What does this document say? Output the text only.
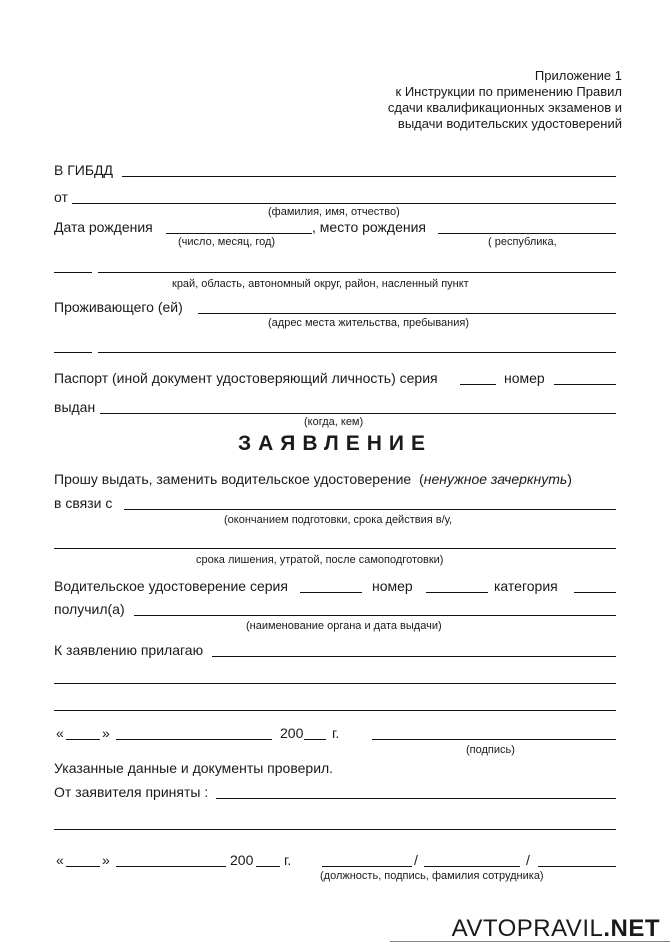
Приложение 1
к Инструкции по применению Правил
сдачи квалификационных экзаменов и
выдачи водительских удостоверений
В ГИБДД
от
(фамилия, имя, отчество)
Дата рождения	, место рождения
(число, месяц, год)	( республика,
край, область, автономный округ, район, насленный пункт
Проживающего (ей)
(адрес места жительства, пребывания)
Паспорт (иной документ удостоверяющий личность) серия	номер
выдан
(когда, кем)
ЗАЯВЛЕНИЕ
Прошу выдать, заменить водительское удостоверение (ненужное зачеркнуть)
в связи с
(окончанием подготовки, срока действия в/у,
срока лишения, утратой, после самоподготовки)
Водительское удостоверение серия	номер	категория
получил(а)
(наименование органа и дата выдачи)
К заявлению прилагаю
«	»	200 г.
(подпись)
Указанные данные и документы проверил.
От заявителя приняты :
«	»	200 г.	/	/
(должность, подпись, фамилия сотрудника)
AVTOPRAVIL.NET
